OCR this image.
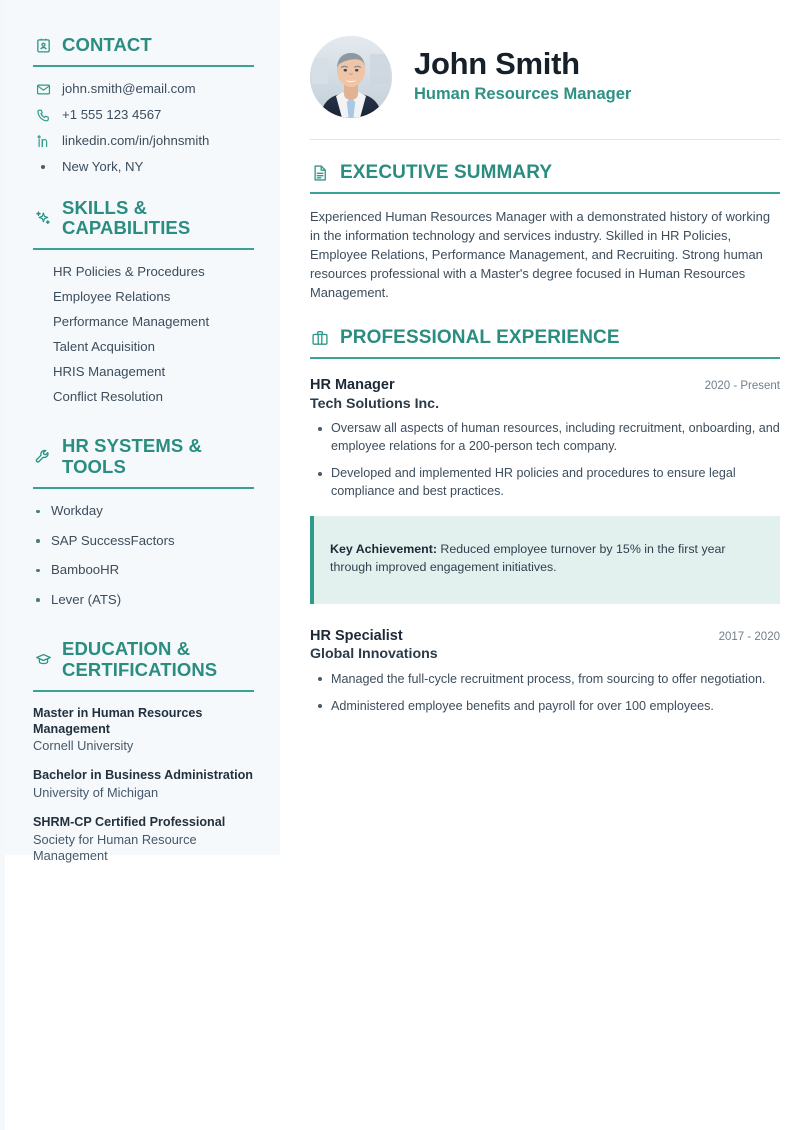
CONTACT
john.smith@email.com
+1 555 123 4567
linkedin.com/in/johnsmith
New York, NY
SKILLS & CAPABILITIES
HR Policies & Procedures
Employee Relations
Performance Management
Talent Acquisition
HRIS Management
Conflict Resolution
HR SYSTEMS & TOOLS
Workday
SAP SuccessFactors
BambooHR
Lever (ATS)
EDUCATION & CERTIFICATIONS
Master in Human Resources Management
Cornell University
Bachelor in Business Administration
University of Michigan
SHRM-CP Certified Professional
Society for Human Resource Management
John Smith
Human Resources Manager
EXECUTIVE SUMMARY

Experienced Human Resources Manager with a demonstrated history of working in the information technology and services industry. Skilled in HR Policies, Employee Relations, Performance Management, and Recruiting. Strong human resources professional with a Master's degree focused in Human Resources Management.

PROFESSIONAL EXPERIENCE
HR Manager	2020 - Present
Tech Solutions Inc.
Oversaw all aspects of human resources, including recruitment, onboarding, and employee relations for a 200-person tech company.
Developed and implemented HR policies and procedures to ensure legal compliance and best practices.

Key Achievement: Reduced employee turnover by 15% in the first year through improved engagement initiatives.

HR Specialist	2017 - 2020
Global Innovations
Managed the full-cycle recruitment process, from sourcing to offer negotiation.
Administered employee benefits and payroll for over 100 employees.
